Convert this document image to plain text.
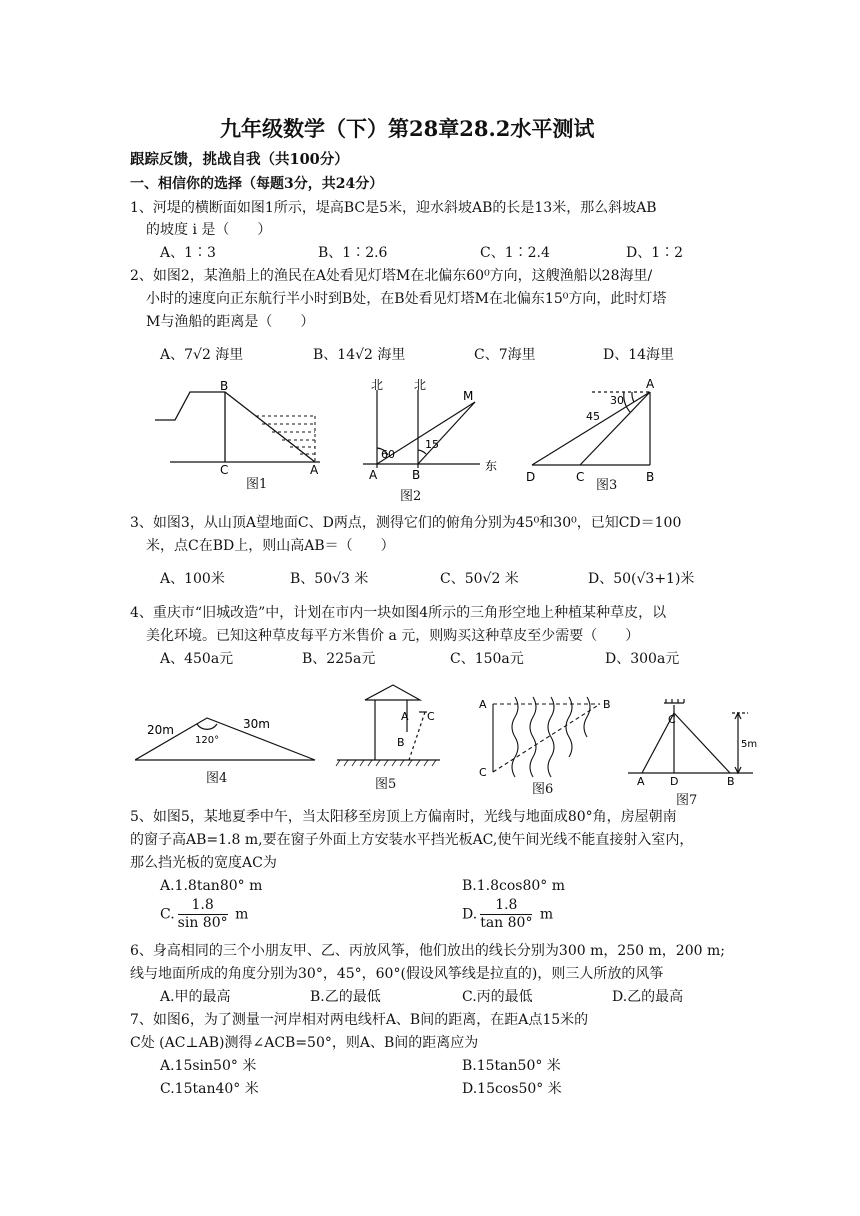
九年级数学（下）第28章28.2水平测试
跟踪反馈，挑战自我（共100分）
一、相信你的选择（每题3分，共24分）
1、河堤的横断面如图1所示，堤高BC是5米，迎水斜坡AB的长是13米，那么斜坡AB
的坡度 i 是（　　）
A、1∶3	B、1∶2.6	C、1∶2.4	D、1∶2
2、如图2，某渔船上的渔民在A处看见灯塔M在北偏东60⁰方向，这艘渔船以28海里/
小时的速度向正东航行半小时到B处，在B处看见灯塔M在北偏东15⁰方向，此时灯塔
M与渔船的距离是（　　）
A、7√2 海里	B、14√2 海里	C、7海里	D、14海里
B
C	A
图1
北	北
M
60
15
东
A	B
图2
A
30
45
D	C	B
图3
3、如图3，从山顶A望地面C、D两点，测得它们的俯角分别为45⁰和30⁰，已知CD＝100
米，点C在BD上，则山高AB＝（　　）
A、100米	B、50√3 米	C、50√2 米	D、50(√3+1)米
4、重庆市“旧城改造”中，计划在市内一块如图4所示的三角形空地上种植某种草皮，以
美化环境。已知这种草皮每平方米售价 a 元，则购买这种草皮至少需要（　　）
A、450a元	B、225a元	C、150a元	D、300a元
20m	30m
120°
图4
A C
B
图5
A	B
C
图6
C
5m
A D	B
图7
5、如图5，某地夏季中午，当太阳移至房顶上方偏南时，光线与地面成80°角，房屋朝南
的窗子高AB=1.8 m,要在窗子外面上方安装水平挡光板AC,使午间光线不能直接射入室内，
那么挡光板的宽度AC为
A.1.8tan80° m	B.1.8cos80° m
C. $\frac{1.8}{\sin 80^\circ}$ m	D. $\frac{1.8}{\tan 80^\circ}$ m
6、身高相同的三个小朋友甲、乙、丙放风筝，他们放出的线长分别为300 m，250 m，200 m;
线与地面所成的角度分别为30°，45°，60°(假设风筝线是拉直的)，则三人所放的风筝
A.甲的最高	B.乙的最低	C.丙的最低	D.乙的最高
7、如图6，为了测量一河岸相对两电线杆A、B间的距离，在距A点15米的
C处 (AC⊥AB)测得∠ACB=50°，则A、B间的距离应为
A.15sin50° 米	B.15tan50° 米
C.15tan40° 米	D.15cos50° 米
